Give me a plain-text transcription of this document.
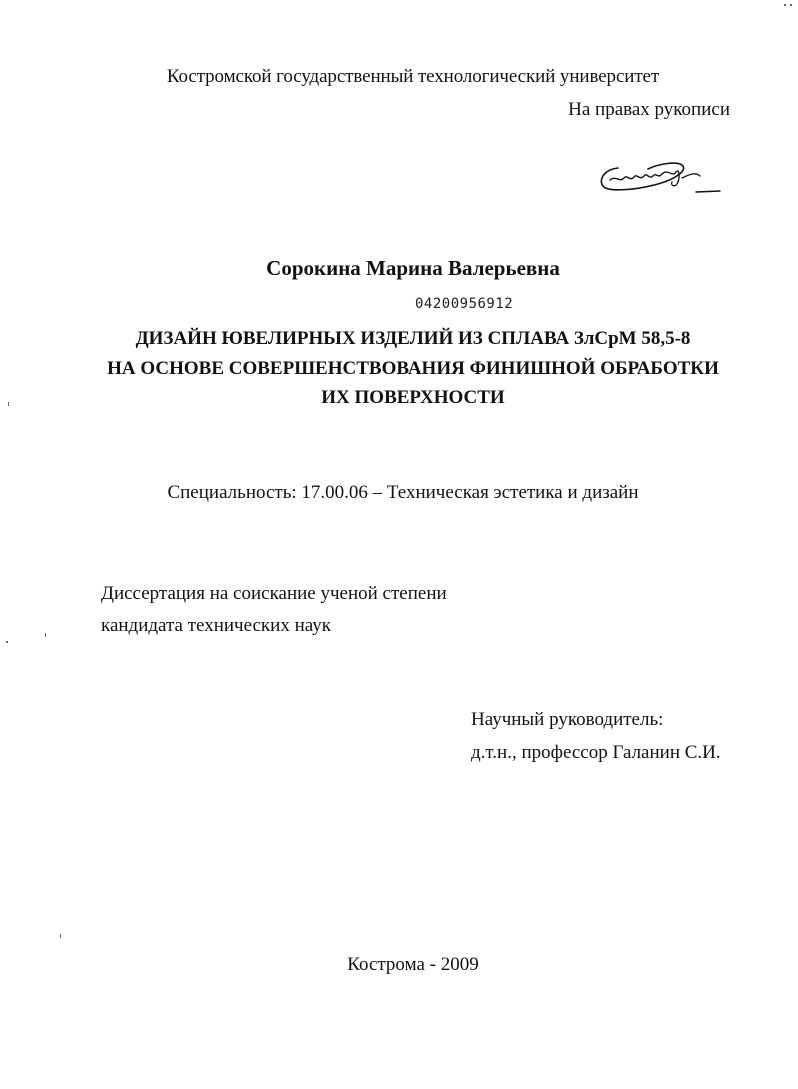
Костромской государственный технологический университет
На правах рукописи
Сорокина Марина Валерьевна
04200956912
ДИЗАЙН ЮВЕЛИРНЫХ ИЗДЕЛИЙ ИЗ СПЛАВА ЗлСрМ 58,5-8
НА ОСНОВЕ СОВЕРШЕНСТВОВАНИЯ ФИНИШНОЙ ОБРАБОТКИ
ИХ ПОВЕРХНОСТИ
Специальность: 17.00.06 – Техническая эстетика и дизайн
Диссертация на соискание ученой степени
кандидата технических наук
Научный руководитель:
д.т.н., профессор Галанин С.И.
Кострома - 2009
